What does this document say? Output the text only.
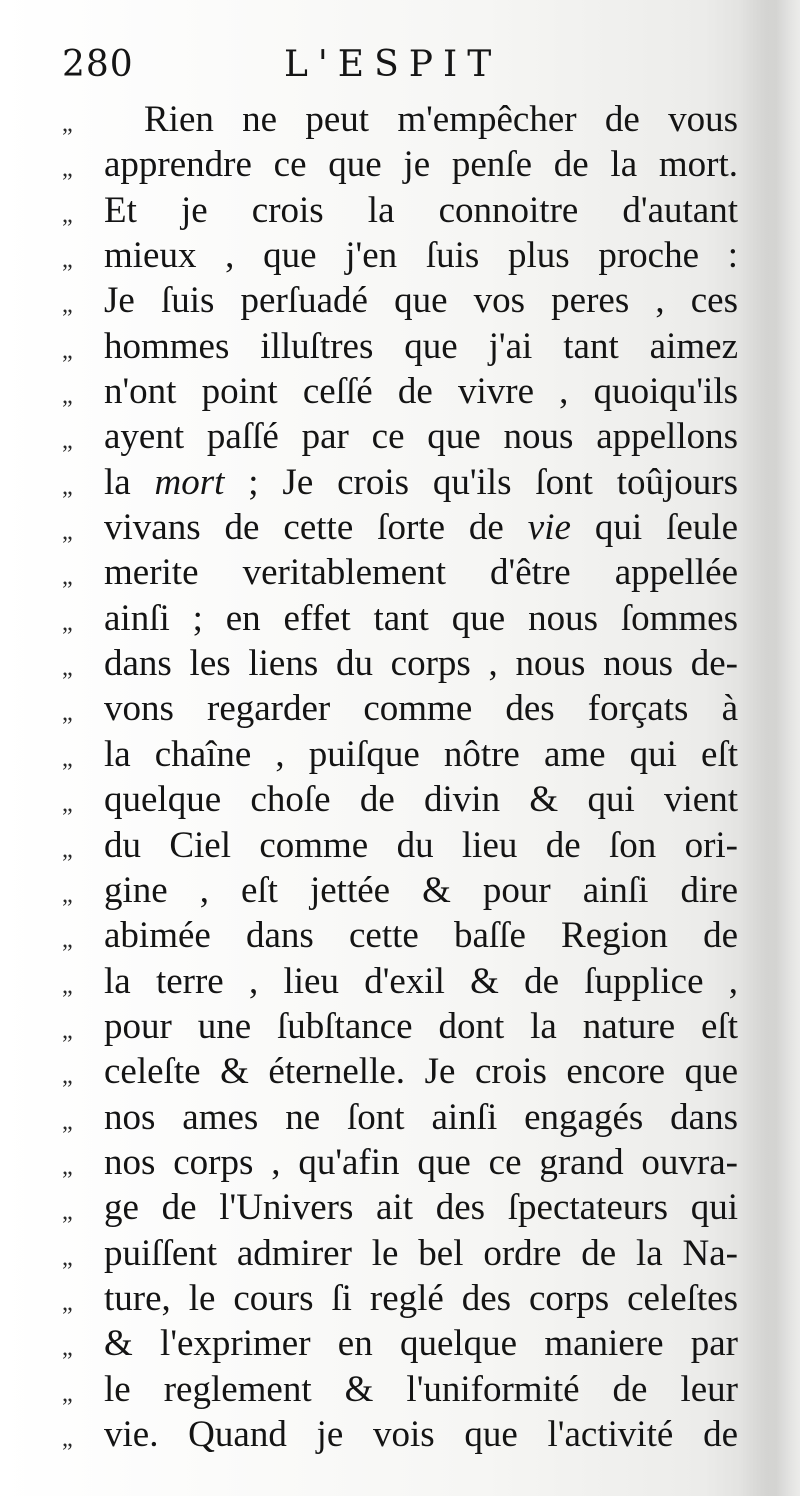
280	L'ESPIT
„	Rien ne peut m'empêcher de vous
„ apprendre ce que je penſe de la mort.
„ Et je crois la connoitre d'autant
„ mieux , que j'en ſuis plus proche :
„ Je ſuis perſuadé que vos peres , ces
„ hommes illuſtres que j'ai tant aimez
„ n'ont point ceſſé de vivre , quoiqu'ils
„ ayent paſſé par ce que nous appellons
„ la mort ; Je crois qu'ils ſont toûjours
„ vivans de cette ſorte de vie qui ſeule
„ merite veritablement d'être appellée
„ ainſi ; en effet tant que nous ſommes
„ dans les liens du corps , nous nous de-
„ vons regarder comme des forçats à
„ la chaîne , puiſque nôtre ame qui eſt
„ quelque choſe de divin & qui vient
„ du Ciel comme du lieu de ſon ori-
„ gine , eſt jettée & pour ainſi dire
„ abimée dans cette baſſe Region de
„ la terre , lieu d'exil & de ſupplice ,
„ pour une ſubſtance dont la nature eſt
„ celeſte & éternelle. Je crois encore que
„ nos ames ne ſont ainſi engagés dans
„ nos corps , qu'afin que ce grand ouvra-
„ ge de l'Univers ait des ſpectateurs qui
„ puiſſent admirer le bel ordre de la Na-
„ ture, le cours ſi reglé des corps celeſtes
„ & l'exprimer en quelque maniere par
„ le reglement & l'uniformité de leur
„ vie. Quand je vois que l'activité de
